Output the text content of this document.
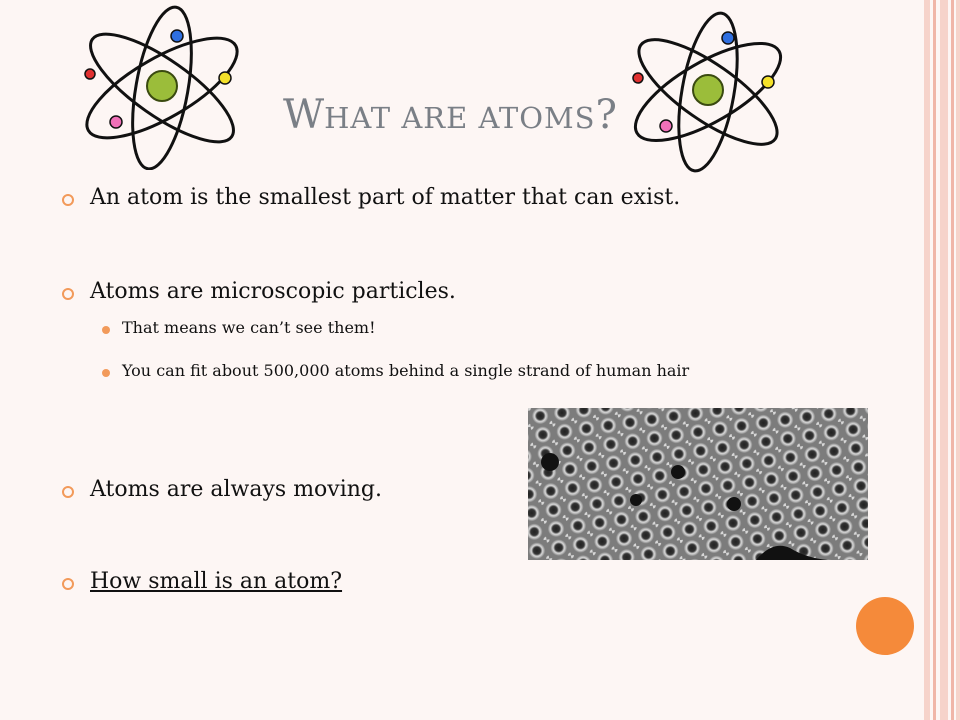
WHAT ARE ATOMS?
An atom is the smallest part of matter that can exist.
Atoms are microscopic particles.
That means we can’t see them!
You can fit about 500,000 atoms behind a single strand of human hair
Atoms are always moving.
How small is an atom?
